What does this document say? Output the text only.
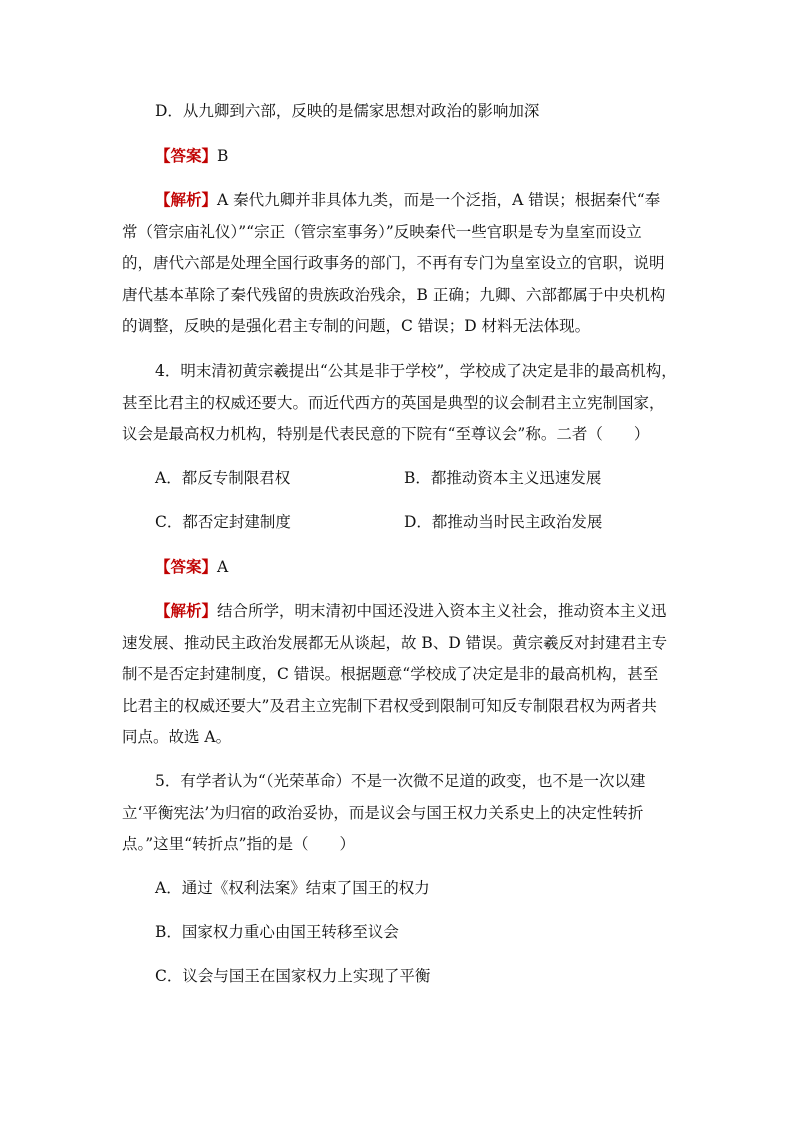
D．从九卿到六部，反映的是儒家思想对政治的影响加深
【答案】B
【解析】A 秦代九卿并非具体九类，而是一个泛指，A 错误；根据秦代“奉
常（管宗庙礼仪）”“宗正（管宗室事务）”反映秦代一些官职是专为皇室而设立
的，唐代六部是处理全国行政事务的部门，不再有专门为皇室设立的官职，说明
唐代基本革除了秦代残留的贵族政治残余，B 正确；九卿、六部都属于中央机构
的调整，反映的是强化君主专制的问题，C 错误；D 材料无法体现。
4．明末清初黄宗羲提出“公其是非于学校”，学校成了决定是非的最高机构，
甚至比君主的权威还要大。而近代西方的英国是典型的议会制君主立宪制国家，
议会是最高权力机构，特别是代表民意的下院有“至尊议会”称。二者（　　）
A．都反专制限君权	B．都推动资本主义迅速发展
C．都否定封建制度	D．都推动当时民主政治发展
【答案】A
【解析】结合所学，明末清初中国还没进入资本主义社会，推动资本主义迅
速发展、推动民主政治发展都无从谈起，故 B、D 错误。黄宗羲反对封建君主专
制不是否定封建制度，C 错误。根据题意“学校成了决定是非的最高机构，甚至
比君主的权威还要大”及君主立宪制下君权受到限制可知反专制限君权为两者共
同点。故选 A。
5．有学者认为“（光荣革命）不是一次微不足道的政变，也不是一次以建
立‘平衡宪法’为归宿的政治妥协，而是议会与国王权力关系史上的决定性转折
点。”这里“转折点”指的是（　　）
A．通过《权利法案》结束了国王的权力
B．国家权力重心由国王转移至议会
C．议会与国王在国家权力上实现了平衡
